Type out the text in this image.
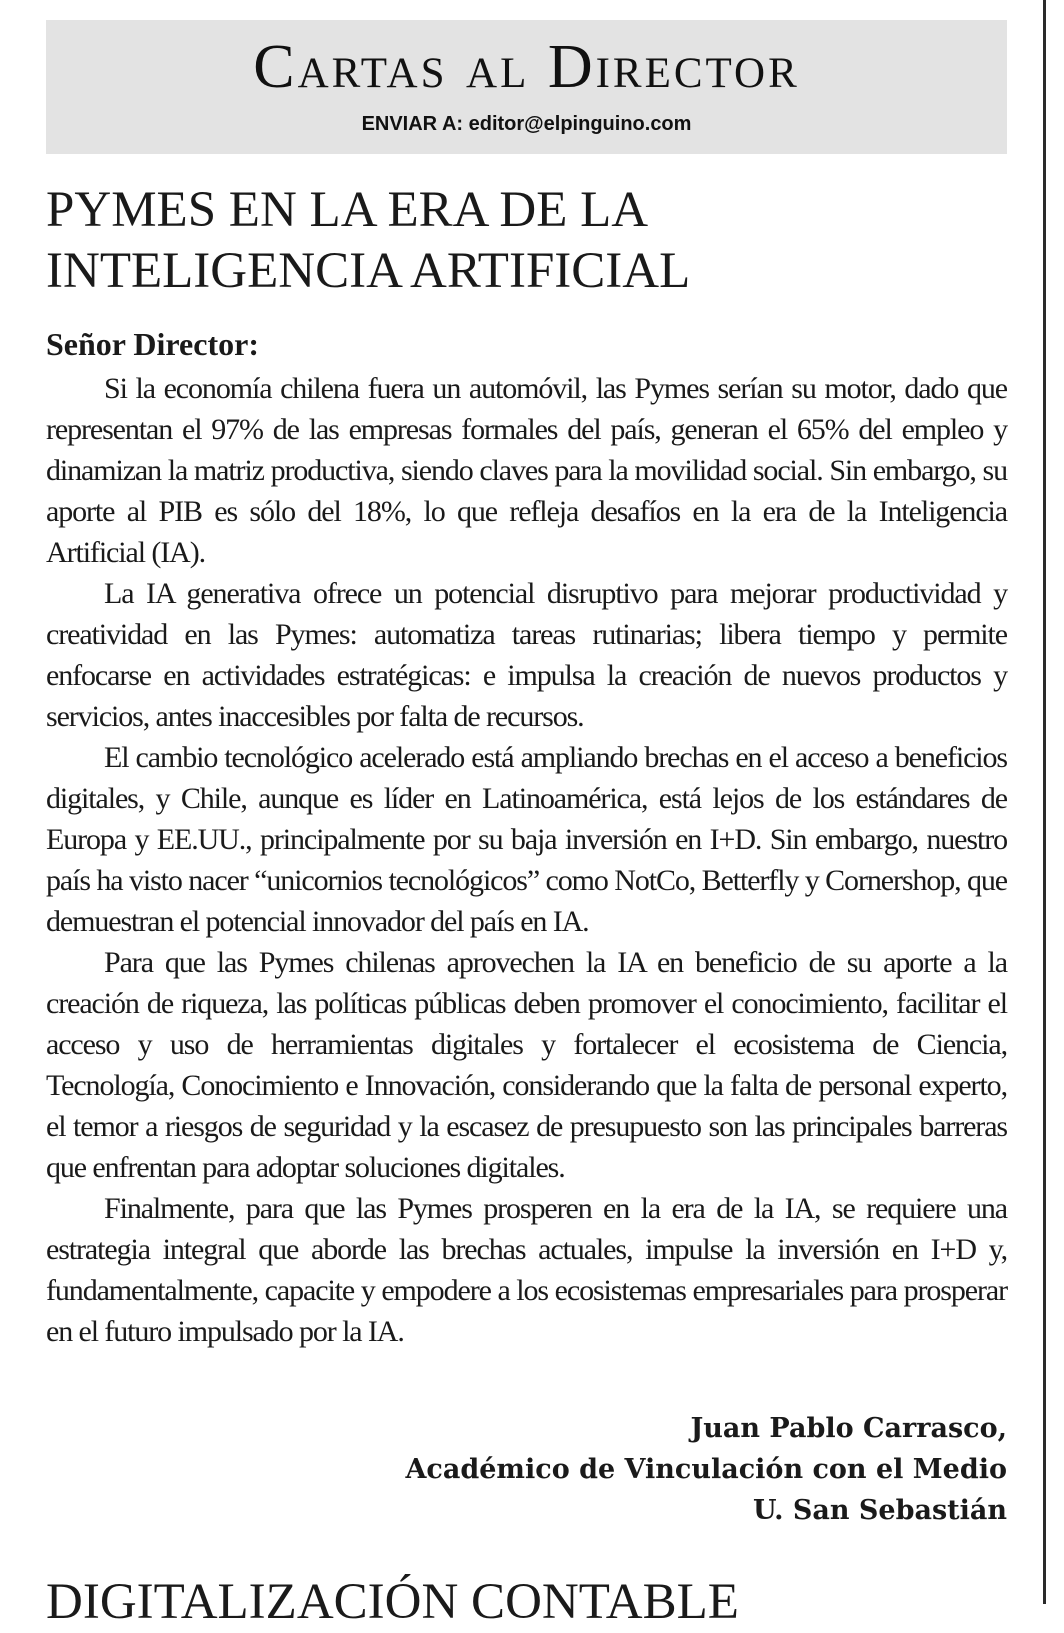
Cartas al Director
ENVIAR A: editor@elpinguino.com
PYMES EN LA ERA DE LA INTELIGENCIA ARTIFICIAL
Señor Director:

Si la economía chilena fuera un automóvil, las Pymes serían su motor, dado que representan el 97% de las empresas formales del país, generan el 65% del empleo y dinamizan la matriz productiva, siendo claves para la movilidad social. Sin embargo, su aporte al PIB es sólo del 18%, lo que refleja desafíos en la era de la Inteligencia Artificial (IA).

La IA generativa ofrece un potencial disruptivo para mejorar productividad y creatividad en las Pymes: automatiza tareas rutinarias; libera tiempo y permite enfocarse en actividades estratégicas: e impulsa la creación de nuevos productos y servicios, antes inaccesibles por falta de recursos.

El cambio tecnológico acelerado está ampliando brechas en el acceso a beneficios digitales, y Chile, aunque es líder en Latinoamérica, está lejos de los estándares de Europa y EE.UU., principalmente por su baja inversión en I+D. Sin embargo, nuestro país ha visto nacer “unicornios tecnológicos” como NotCo, Betterfly y Cornershop, que demuestran el potencial innovador del país en IA.

Para que las Pymes chilenas aprovechen la IA en beneficio de su aporte a la creación de riqueza, las políticas públicas deben promover el conocimiento, facilitar el acceso y uso de herramientas digitales y fortalecer el ecosistema de Ciencia, Tecnología, Conocimiento e Innovación, considerando que la falta de personal experto, el temor a riesgos de seguridad y la escasez de presupuesto son las principales barreras que enfrentan para adoptar soluciones digitales.

Finalmente, para que las Pymes prosperen en la era de la IA, se requiere una estrategia integral que aborde las brechas actuales, impulse la inversión en I+D y, fundamentalmente, capacite y empodere a los ecosistemas empresariales para prosperar en el futuro impulsado por la IA.

Juan Pablo Carrasco,
Académico de Vinculación con el Medio
U. San Sebastián
DIGITALIZACIÓN CONTABLE
